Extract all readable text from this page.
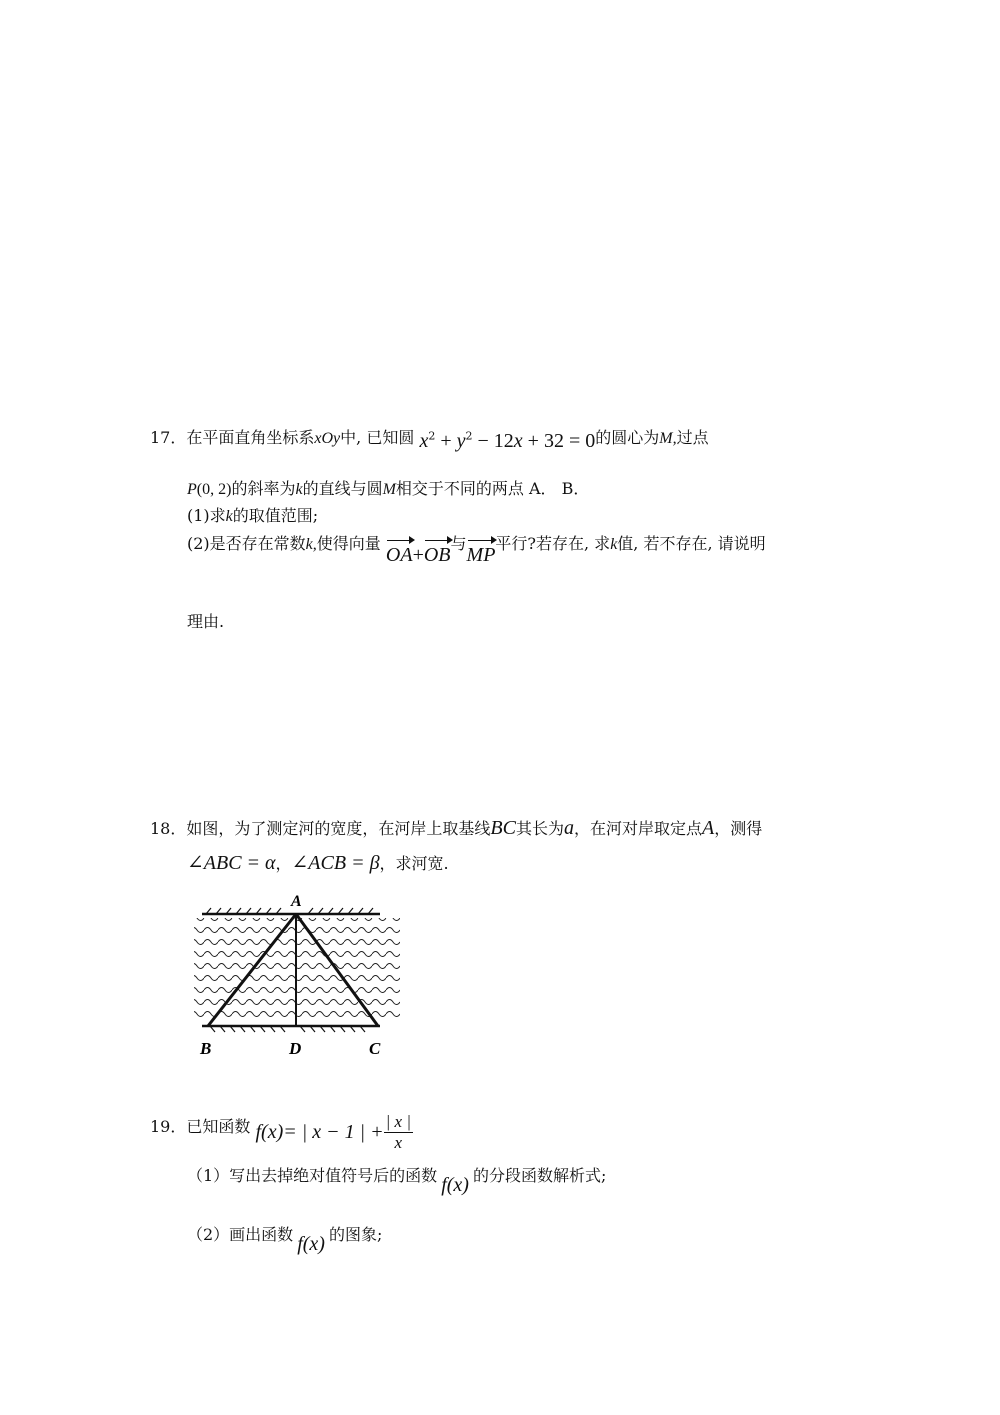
17．在平面直角坐标系xOy中, 已知圆 $x^2 + y^2 - 12x + 32 = 0$的圆心为M,过点
P(0, 2)的斜率为k的直线与圆M相交于不同的两点 A． B．
(1)求k的取值范围;
(2)是否存在常数k,使得向量 OA+OB与MP平行?若存在, 求k值, 若不存在, 请说明
理由.
18．如图，为了测定河的宽度，在河岸上取基线BC其长为a，在河对岸取定点A，测得
∠ABC = α，∠ACB = β，求河宽.
A
B	D	C
19．已知函数 f(x) = | x − 1 | + $\frac{| x |}{x}$
（1）写出去掉绝对值符号后的函数 f(x) 的分段函数解析式;
（2）画出函数 f(x) 的图象;
